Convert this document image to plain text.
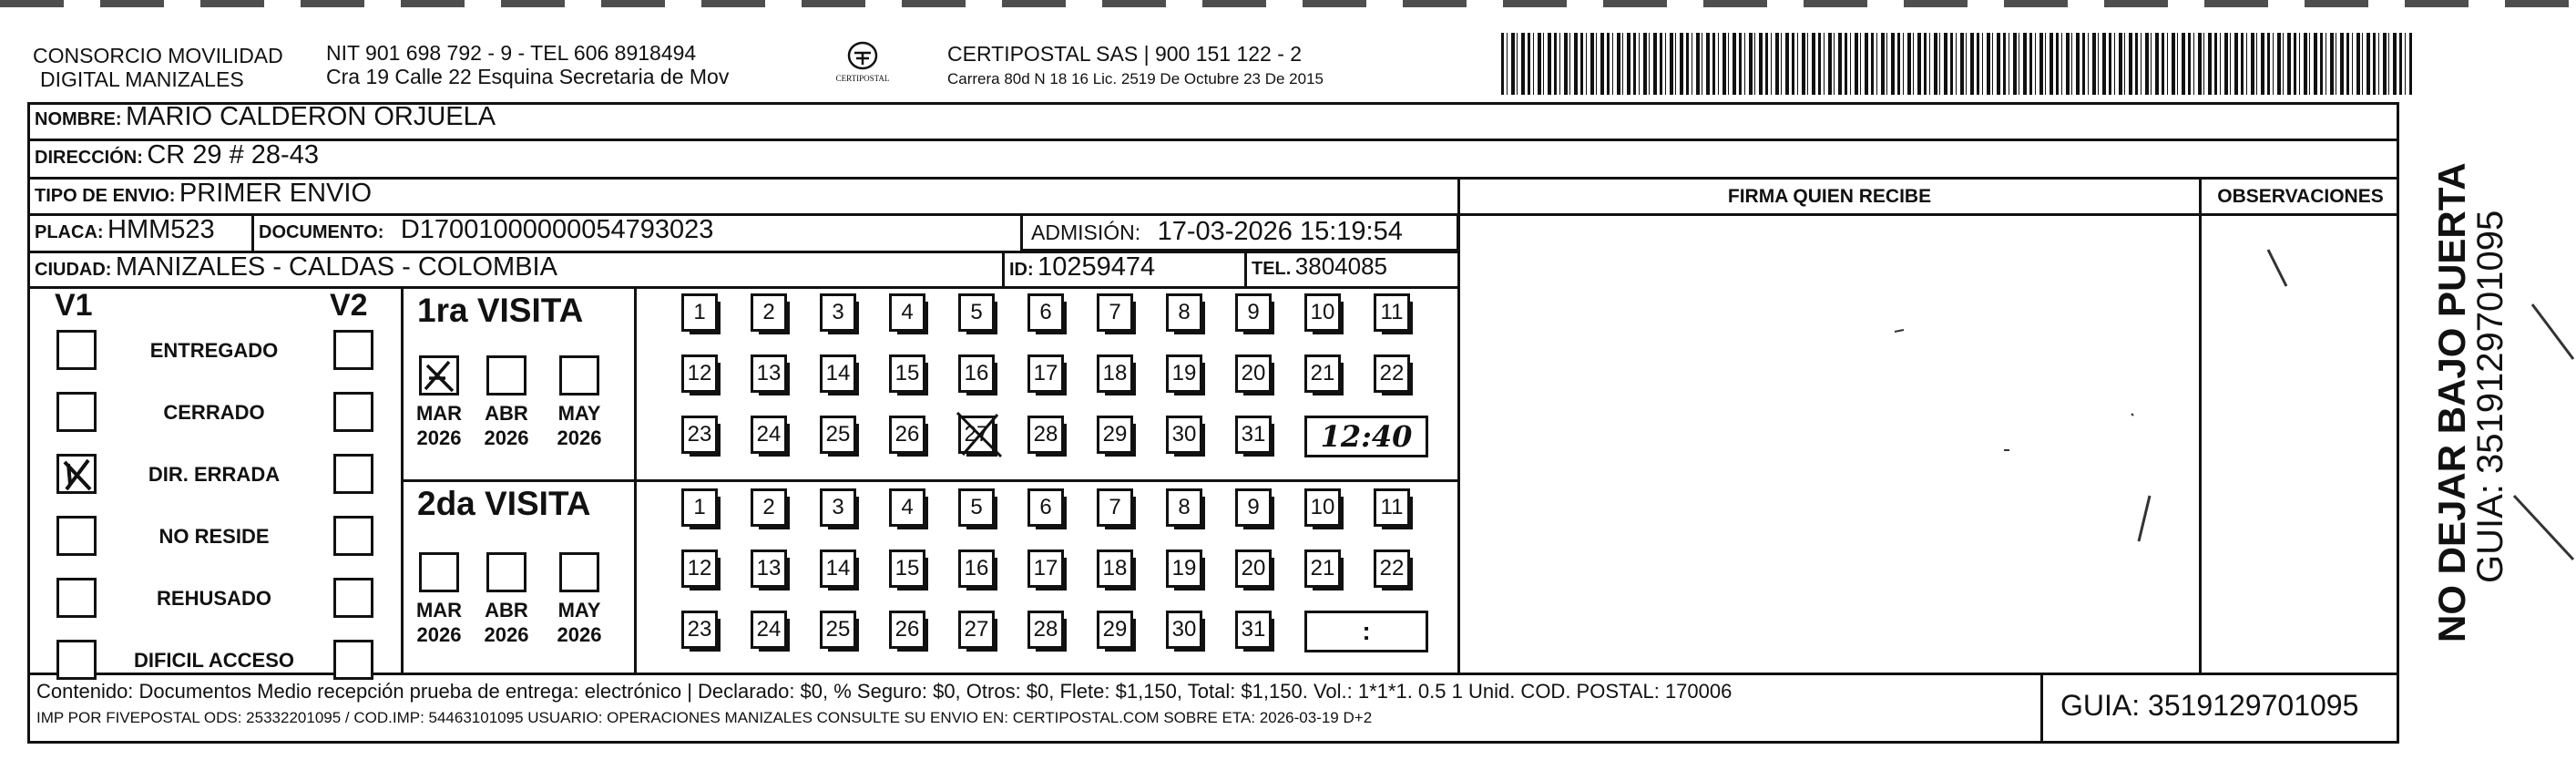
CONSORCIO MOVILIDAD
DIGITAL MANIZALES
NIT 901 698 792 - 9 - TEL 606 8918494
Cra 19 Calle 22 Esquina Secretaria de Mov	CERTIPOSTAL
CERTIPOSTAL SAS | 900 151 122 - 2
Carrera 80d N 18 16 Lic. 2519 De Octubre 23 De 2015
NOMBRE: MARIO CALDERON ORJUELA
DIRECCIÓN: CR 29 # 28-43
TIPO DE ENVIO: PRIMER ENVIO	FIRMA QUIEN RECIBE	OBSERVACIONES
PLACA: HMM523 DOCUMENTO: D17001000000054793023	ADMISIÓN: 17-03-2026 15:19:54
CIUDAD: MANIZALES - CALDAS - COLOMBIA	ID: 10259474	TEL. 3804085
V1	V2
ENTREGADO
CERRADO
DIR. ERRADA
NO RESIDE
REHUSADO
DIFICIL ACCESO
1ra VISITA
2da VISITA
MAR
2026
ABR
2026
MAY
2026
MAR
2026
ABR
2026
MAY
2026
1	2	3	4	5	6	7	8	9 10 11
12 13 14 15 16 17 18 19 20 21 22
23 24 25 26 27 28 29 30 31 12:40
1	2	3	4	5	6	7	8	9 10 11
12 13 14 15 16 17 18 19 20 21 22
23 24 25 26 27 28 29 30 31	:
Contenido: Documentos Medio recepción prueba de entrega: electrónico | Declarado: $0, % Seguro: $0, Otros: $0, Flete: $1,150, Total: $1,150. Vol.: 1*1*1. 0.5 1 Unid. COD. POSTAL: 170006
IMP POR FIVEPOSTAL ODS: 25332201095 / COD.IMP: 54463101095 USUARIO: OPERACIONES MANIZALES CONSULTE SU ENVIO EN: CERTIPOSTAL.COM SOBRE ETA: 2026-03-19 D+2	GUIA: 3519129701095
NO DEJAR BAJO PUERTA
GUIA: 3519129701095
